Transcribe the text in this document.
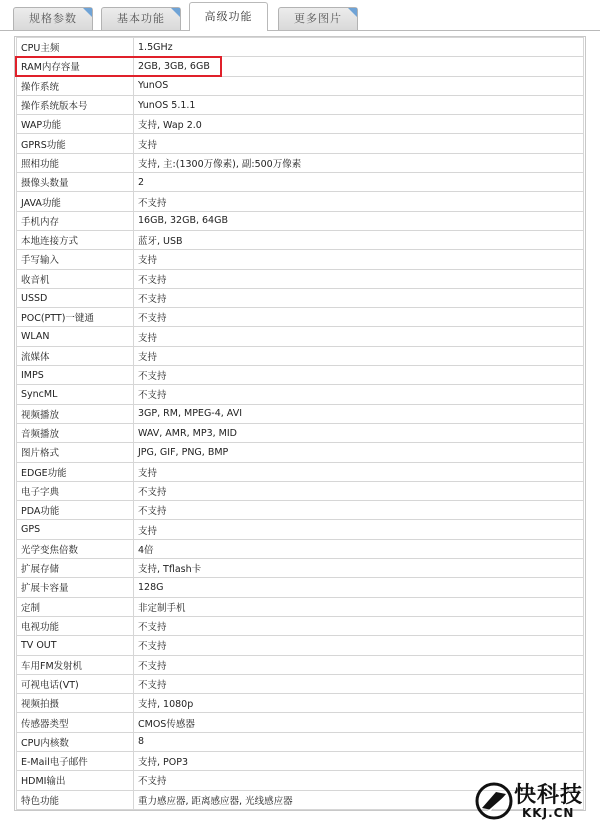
规格参数	基本功能	高级功能	更多图片
CPU主频	1.5GHz
RAM内存容量	2GB, 3GB, 6GB
操作系统	YunOS
操作系统版本号	YunOS 5.1.1
WAP功能	支持, Wap 2.0
GPRS功能	支持
照相功能	支持, 主:(1300万像素), 副:500万像素
摄像头数量	2
JAVA功能	不支持
手机内存	16GB, 32GB, 64GB
本地连接方式	蓝牙, USB
手写输入	支持
收音机	不支持
USSD	不支持
POC(PTT)一键通	不支持
WLAN	支持
流媒体	支持
IMPS	不支持
SyncML	不支持
视频播放	3GP, RM, MPEG-4, AVI
音频播放	WAV, AMR, MP3, MID
图片格式	JPG, GIF, PNG, BMP
EDGE功能	支持
电子字典	不支持
PDA功能	不支持
GPS	支持
光学变焦倍数	4倍
扩展存储	支持, Tflash卡
扩展卡容量	128G
定制	非定制手机
电视功能	不支持
TV OUT	不支持
车用FM发射机	不支持
可视电话(VT)	不支持
视频拍摄	支持, 1080p
传感器类型	CMOS传感器
CPU内核数	8
E-Mail电子邮件	支持, POP3
HDMI输出	不支持
特色功能	重力感应器, 距离感应器, 光线感应器	快科技
KKJ.CN
